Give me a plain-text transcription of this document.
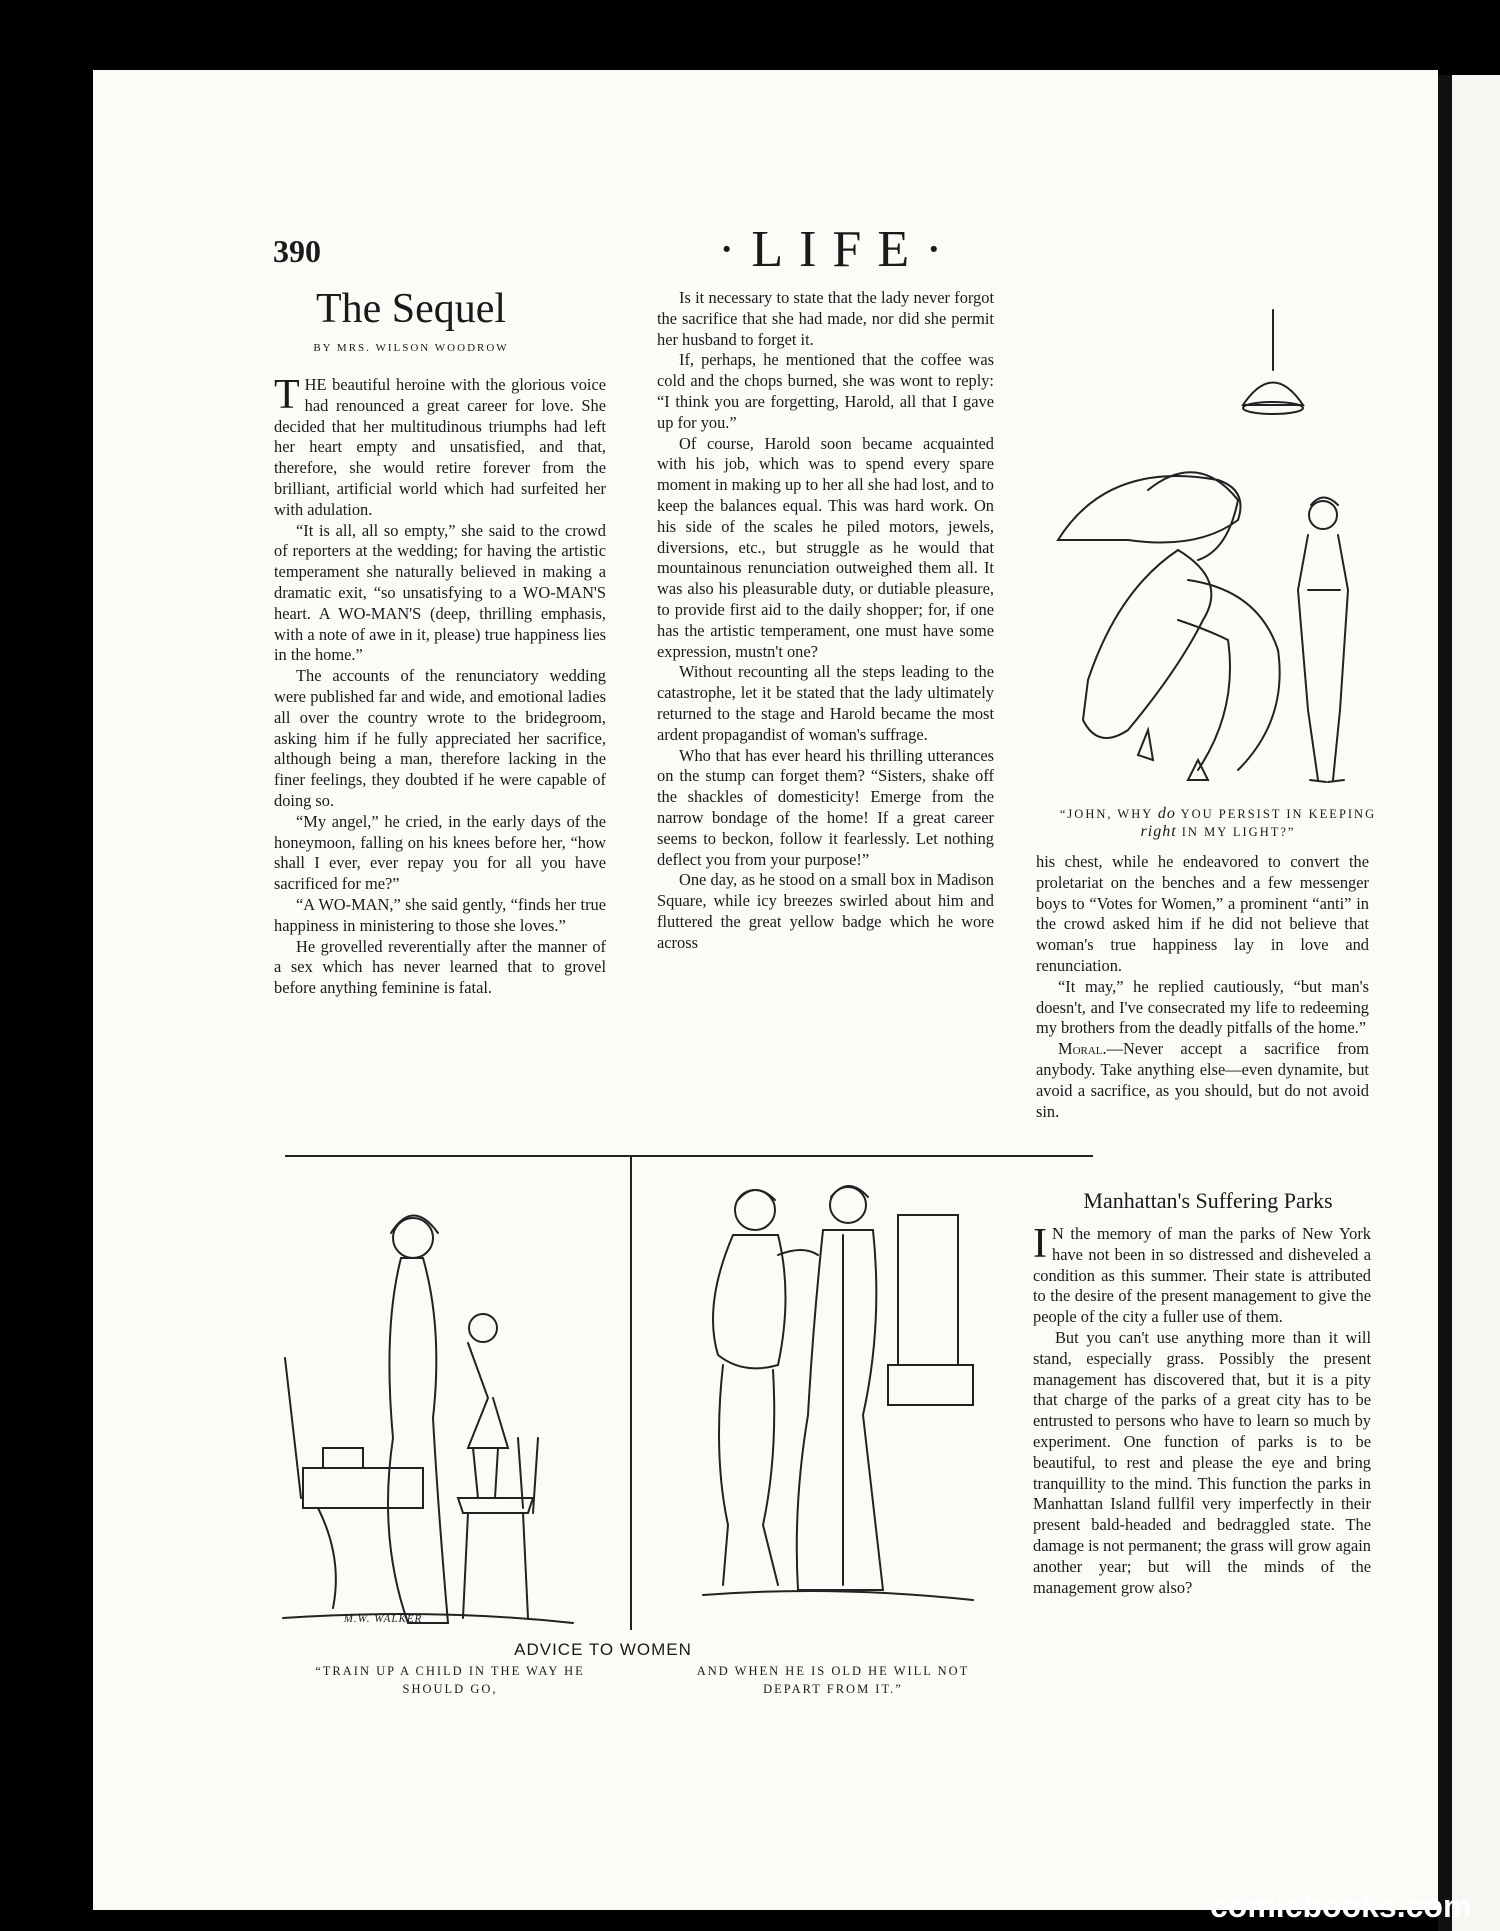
390	·LIFE·
The Sequel
BY MRS. WILSON WOODROW

THE beautiful heroine with the glorious voice had renounced a great career for love. She decided that her multitudinous triumphs had left her heart empty and unsatisfied, and that, therefore, she would retire forever from the brilliant, artificial world which had surfeited her with adulation.

“It is all, all so empty,” she said to the crowd of reporters at the wedding; for having the artistic temperament she naturally believed in making a dramatic exit, “so unsatisfying to a WO-MAN'S heart. A WO-MAN'S (deep, thrilling emphasis, with a note of awe in it, please) true happiness lies in the home.”

The accounts of the renunciatory wedding were published far and wide, and emotional ladies all over the country wrote to the bridegroom, asking him if he fully appreciated her sacrifice, although being a man, therefore lacking in the finer feelings, they doubted if he were capable of doing so.

“My angel,” he cried, in the early days of the honeymoon, falling on his knees before her, “how shall I ever, ever repay you for all you have sacrificed for me?”

“A WO-MAN,” she said gently, “finds her true happiness in ministering to those she loves.”

He grovelled reverentially after the manner of a sex which has never learned that to grovel before anything feminine is fatal.

Is it necessary to state that the lady never forgot the sacrifice that she had made, nor did she permit her husband to forget it.

If, perhaps, he mentioned that the coffee was cold and the chops burned, she was wont to reply: “I think you are forgetting, Harold, all that I gave up for you.”

Of course, Harold soon became acquainted with his job, which was to spend every spare moment in making up to her all she had lost, and to keep the balances equal. This was hard work. On his side of the scales he piled motors, jewels, diversions, etc., but struggle as he would that mountainous renunciation outweighed them all. It was also his pleasurable duty, or dutiable pleasure, to provide first aid to the daily shopper; for, if one has the artistic temperament, one must have some expression, mustn't one?

Without recounting all the steps leading to the catastrophe, let it be stated that the lady ultimately returned to the stage and Harold became the most ardent propagandist of woman's suffrage.

Who that has ever heard his thrilling utterances on the stump can forget them? “Sisters, shake off the shackles of domesticity! Emerge from the narrow bondage of the home! If a great career seems to beckon, follow it fearlessly. Let nothing deflect you from your purpose!”

One day, as he stood on a small box in Madison Square, while icy breezes swirled about him and fluttered the great yellow badge which he wore across

“JOHN, WHY do YOU PERSIST IN KEEPING
right IN MY LIGHT?”

his chest, while he endeavored to convert the proletariat on the benches and a few messenger boys to “Votes for Women,” a prominent “anti” in the crowd asked him if he did not believe that woman's true happiness lay in love and renunciation.

“It may,” he replied cautiously, “but man's doesn't, and I've consecrated my life to redeeming my brothers from the deadly pitfalls of the home.”

Moral.—Never accept a sacrifice from anybody. Take anything else—even dynamite, but avoid a sacrifice, as you should, but do not avoid sin.

M.W. WALKER
ADVICE TO WOMEN
“TRAIN UP A CHILD IN THE WAY HE SHOULD GO,
AND WHEN HE IS OLD HE WILL NOT DEPART FROM IT.”
Manhattan's Suffering Parks

I N the memory of man the parks of New York have not been in so distressed and disheveled a condition as this summer. Their state is attributed to the desire of the present management to give the people of the city a fuller use of them.

But you can't use anything more than it will stand, especially grass. Possibly the present management has discovered that, but it is a pity that charge of the parks of a great city has to be entrusted to persons who have to learn so much by experiment. One function of parks is to be beautiful, to rest and please the eye and bring tranquillity to the mind. This function the parks in Manhattan Island fullfil very imperfectly in their present bald-headed and bedraggled state. The damage is not permanent; the grass will grow again another year; but will the minds of the management grow also?

comicbooks.com
